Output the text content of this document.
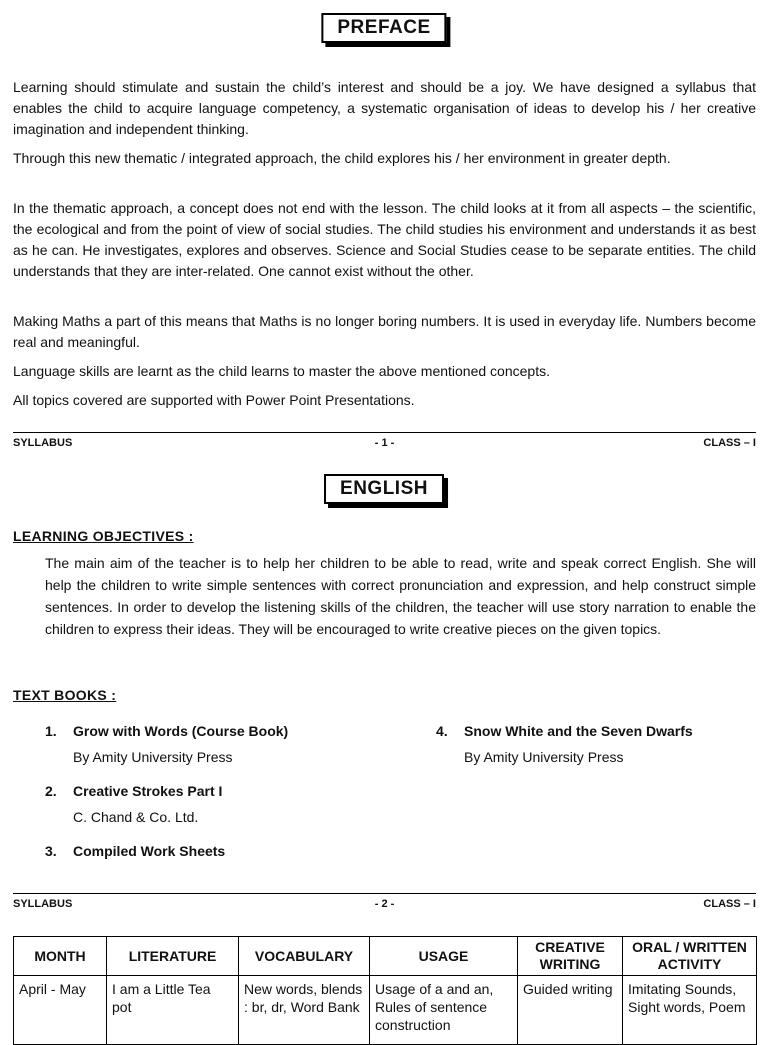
PREFACE

Learning should stimulate and sustain the child’s interest and should be a joy. We have designed a syllabus that enables the child to acquire language competency, a systematic organisation of ideas to develop his / her creative imagination and independent thinking.

Through this new thematic / integrated approach, the child explores his / her environment in greater depth.

In the thematic approach, a concept does not end with the lesson. The child looks at it from all aspects – the scientific, the ecological and from the point of view of social studies. The child studies his environment and understands it as best as he can. He investigates, explores and observes. Science and Social Studies cease to be separate entities. The child understands that they are inter-related. One cannot exist without the other.

Making Maths a part of this means that Maths is no longer boring numbers. It is used in everyday life. Numbers become real and meaningful.

Language skills are learnt as the child learns to master the above mentioned concepts.

All topics covered are supported with Power Point Presentations.

SYLLABUS	- 1 -	CLASS – I
ENGLISH
LEARNING OBJECTIVES :

The main aim of the teacher is to help her children to be able to read, write and speak correct English. She will help the children to write simple sentences with correct pronunciation and expression, and help construct simple sentences. In order to develop the listening skills of the children, the teacher will use story narration to enable the children to express their ideas. They will be encouraged to write creative pieces on the given topics.

TEXT BOOKS :
1. Grow with Words (Course Book)
By Amity University Press
2. Creative Strokes Part I
C. Chand & Co. Ltd.
3. Compiled Work Sheets
4. Snow White and the Seven Dwarfs
By Amity University Press
SYLLABUS	- 2 -	CLASS – I
MONTH	LITERATURE	VOCABULARY	USAGE	CREATIVE WRITING	ORAL / WRITTEN ACTIVITY
April - May	I am a Little Tea pot	New words, blends : br, dr, Word Bank	Usage of a and an, Rules of sentence construction	Guided writing	Imitating Sounds, Sight words, Poem
